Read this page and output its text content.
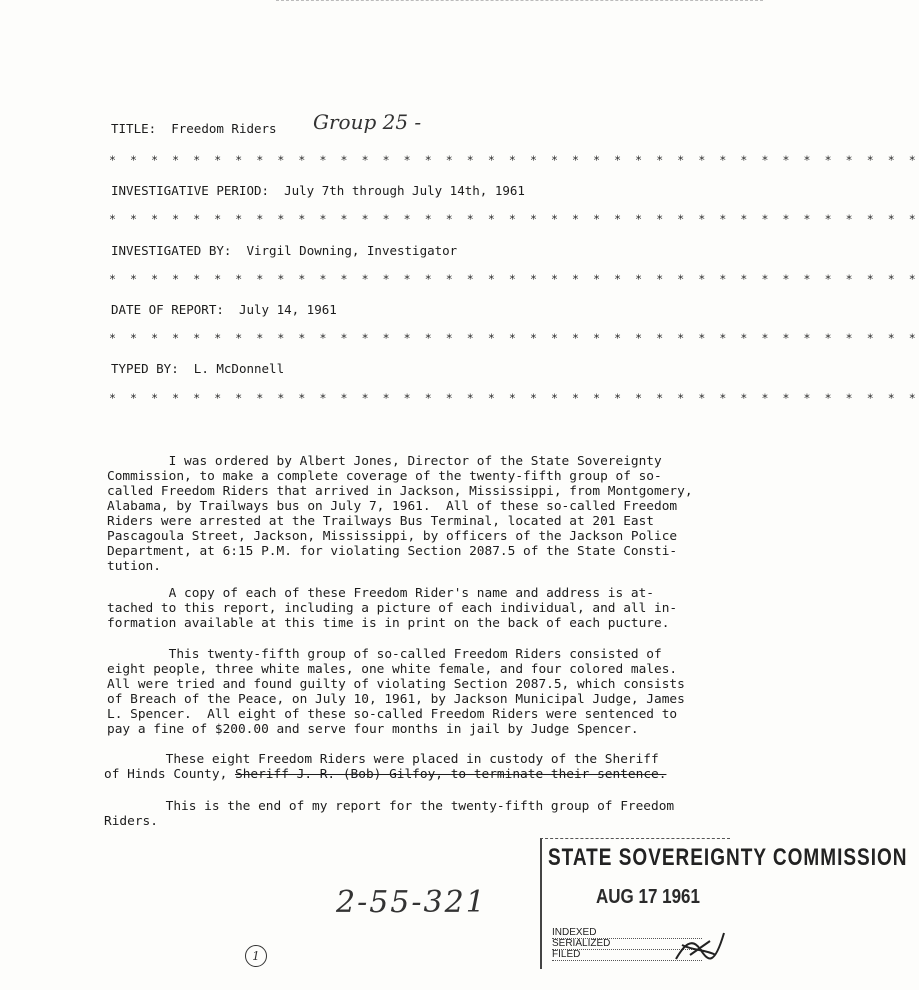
TITLE: Freedom Riders Group 25 -
* * * * * * * * * * * * * * * * * * * * * * * * * * * * * * * * * * * * * * *
INVESTIGATIVE PERIOD: July 7th through July 14th, 1961
* * * * * * * * * * * * * * * * * * * * * * * * * * * * * * * * * * * * * * *
INVESTIGATED BY: Virgil Downing, Investigator
* * * * * * * * * * * * * * * * * * * * * * * * * * * * * * * * * * * * * * *
DATE OF REPORT: July 14, 1961
* * * * * * * * * * * * * * * * * * * * * * * * * * * * * * * * * * * * * * *
TYPED BY: L. McDonnell
* * * * * * * * * * * * * * * * * * * * * * * * * * * * * * * * * * * * * * *
I was ordered by Albert Jones, Director of the State Sovereignty
Commission, to make a complete coverage of the twenty-fifth group of so-
called Freedom Riders that arrived in Jackson, Mississippi, from Montgomery,
Alabama, by Trailways bus on July 7, 1961.  All of these so-called Freedom
Riders were arrested at the Trailways Bus Terminal, located at 201 East
Pascagoula Street, Jackson, Mississippi, by officers of the Jackson Police
Department, at 6:15 P.M. for violating Section 2087.5 of the State Consti-
tution.
A copy of each of these Freedom Rider's name and address is at-
tached to this report, including a picture of each individual, and all in-
formation available at this time is in print on the back of each pucture.
This twenty-fifth group of so-called Freedom Riders consisted of
eight people, three white males, one white female, and four colored males.
All were tried and found guilty of violating Section 2087.5, which consists
of Breach of the Peace, on July 10, 1961, by Jackson Municipal Judge, James
L. Spencer.  All eight of these so-called Freedom Riders were sentenced to
pay a fine of $200.00 and serve four months in jail by Judge Spencer.
These eight Freedom Riders were placed in custody of the Sheriff
of Hinds County, Sheriff J. R. (Bob) Gilfoy, to terminate their sentence.
This is the end of my report for the twenty-fifth group of Freedom
Riders.
2-55-321
1
STATE SOVEREIGNTY COMMISSION
AUG 17 1961
INDEXED
SERIALIZED
FILED
